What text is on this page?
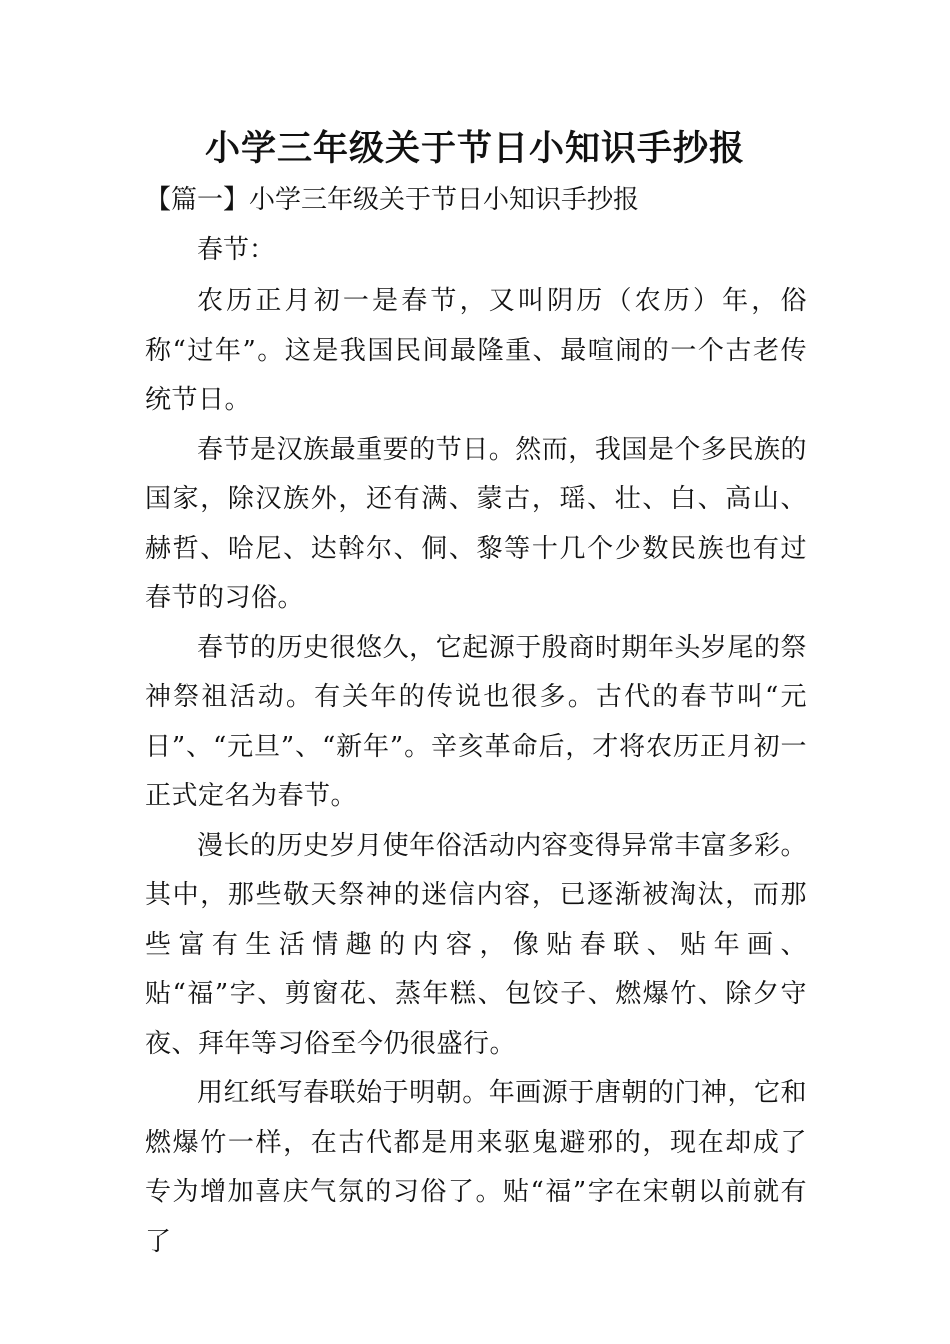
小学三年级关于节日小知识手抄报

【篇一】小学三年级关于节日小知识手抄报

春节：

农历正月初一是春节，又叫阴历（农历）年，俗称“过年”。这是我国民间最隆重、最喧闹的一个古老传统节日。

春节是汉族最重要的节日。然而，我国是个多民族的国家，除汉族外，还有满、蒙古，瑶、壮、白、高山、赫哲、哈尼、达斡尔、侗、黎等十几个少数民族也有过春节的习俗。

春节的历史很悠久，它起源于殷商时期年头岁尾的祭神祭祖活动。有关年的传说也很多。古代的春节叫“元日”、“元旦”、“新年”。辛亥革命后，才将农历正月初一正式定名为春节。

漫长的历史岁月使年俗活动内容变得异常丰富多彩。其中，那些敬天祭神的迷信内容，已逐渐被淘汰，而那些富有生活情趣的内容，像贴春联、贴年画、贴“福”字、剪窗花、蒸年糕、包饺子、燃爆竹、除夕守夜、拜年等习俗至今仍很盛行。

用红纸写春联始于明朝。年画源于唐朝的门神，它和燃爆竹一样，在古代都是用来驱鬼避邪的，现在却成了专为增加喜庆气氛的习俗了。贴“福”字在宋朝以前就有了
